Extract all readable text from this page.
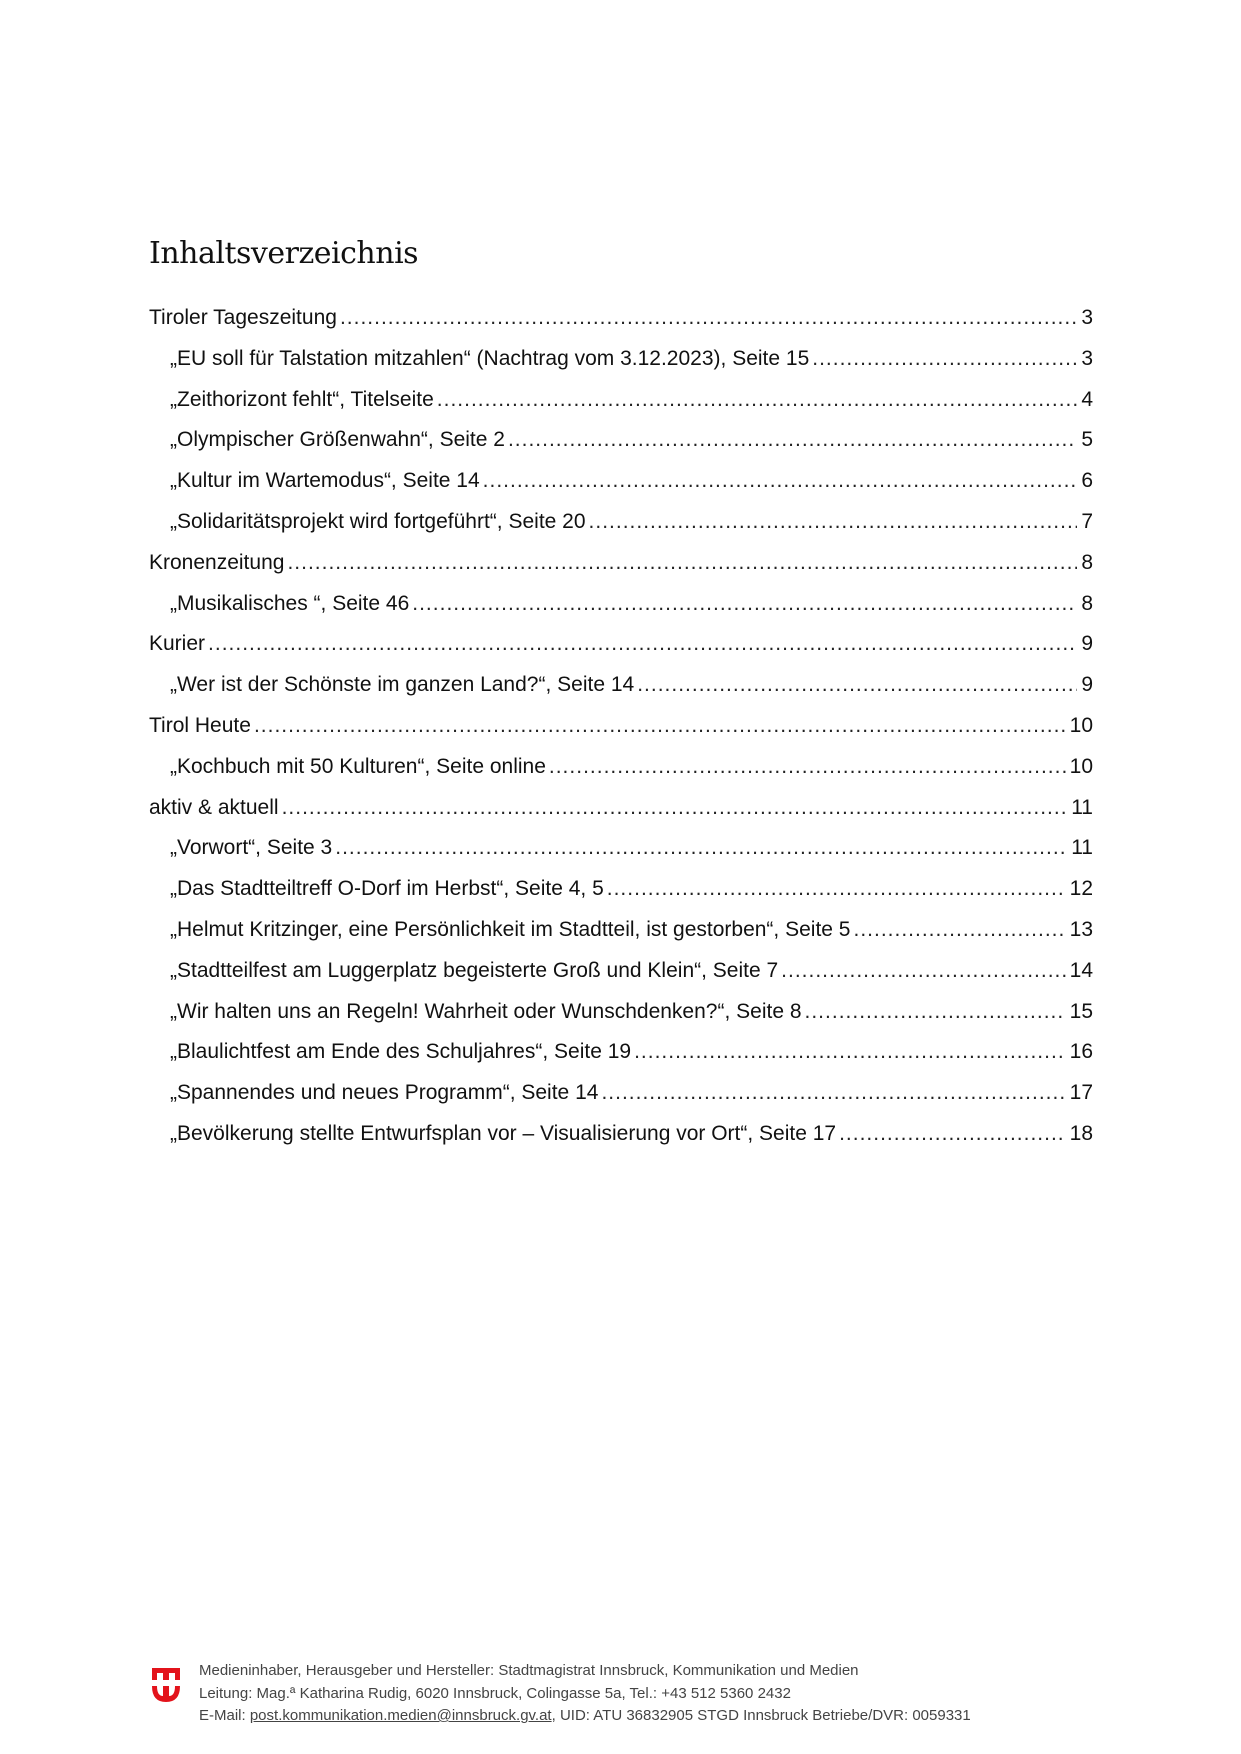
Inhaltsverzeichnis
Tiroler Tageszeitung .....	3
„EU soll für Talstation mitzahlen“ (Nachtrag vom 3.12.2023), Seite 15 .....	3
„Zeithorizont fehlt“, Titelseite .....	4
„Olympischer Größenwahn“, Seite 2 .....	5
„Kultur im Wartemodus“, Seite 14 .....	6
„Solidaritätsprojekt wird fortgeführt“, Seite 20 .....	7
Kronenzeitung .....	8
„Musikalisches “, Seite 46 .....	8
Kurier .....	9
„Wer ist der Schönste im ganzen Land?“, Seite 14 .....	9
Tirol Heute .....	10
„Kochbuch mit 50 Kulturen“, Seite online .....	10
aktiv & aktuell .....	11
„Vorwort“, Seite 3 .....	11
„Das Stadtteiltreff O-Dorf im Herbst“, Seite 4, 5 .....	12
„Helmut Kritzinger, eine Persönlichkeit im Stadtteil, ist gestorben“, Seite 5 .....	13
„Stadtteilfest am Luggerplatz begeisterte Groß und Klein“, Seite 7 .....	14
„Wir halten uns an Regeln! Wahrheit oder Wunschdenken?“, Seite 8 .....	15
„Blaulichtfest am Ende des Schuljahres“, Seite 19 .....	16
„Spannendes und neues Programm“, Seite 14 .....	17
„Bevölkerung stellte Entwurfsplan vor – Visualisierung vor Ort“, Seite 17 .....	18
Medieninhaber, Herausgeber und Hersteller: Stadtmagistrat Innsbruck, Kommunikation und Medien
Leitung: Mag.ª Katharina Rudig, 6020 Innsbruck, Colingasse 5a, Tel.: +43 512 5360 2432
E-Mail: post.kommunikation.medien@innsbruck.gv.at, UID: ATU 36832905 STGD Innsbruck Betriebe/DVR: 0059331
